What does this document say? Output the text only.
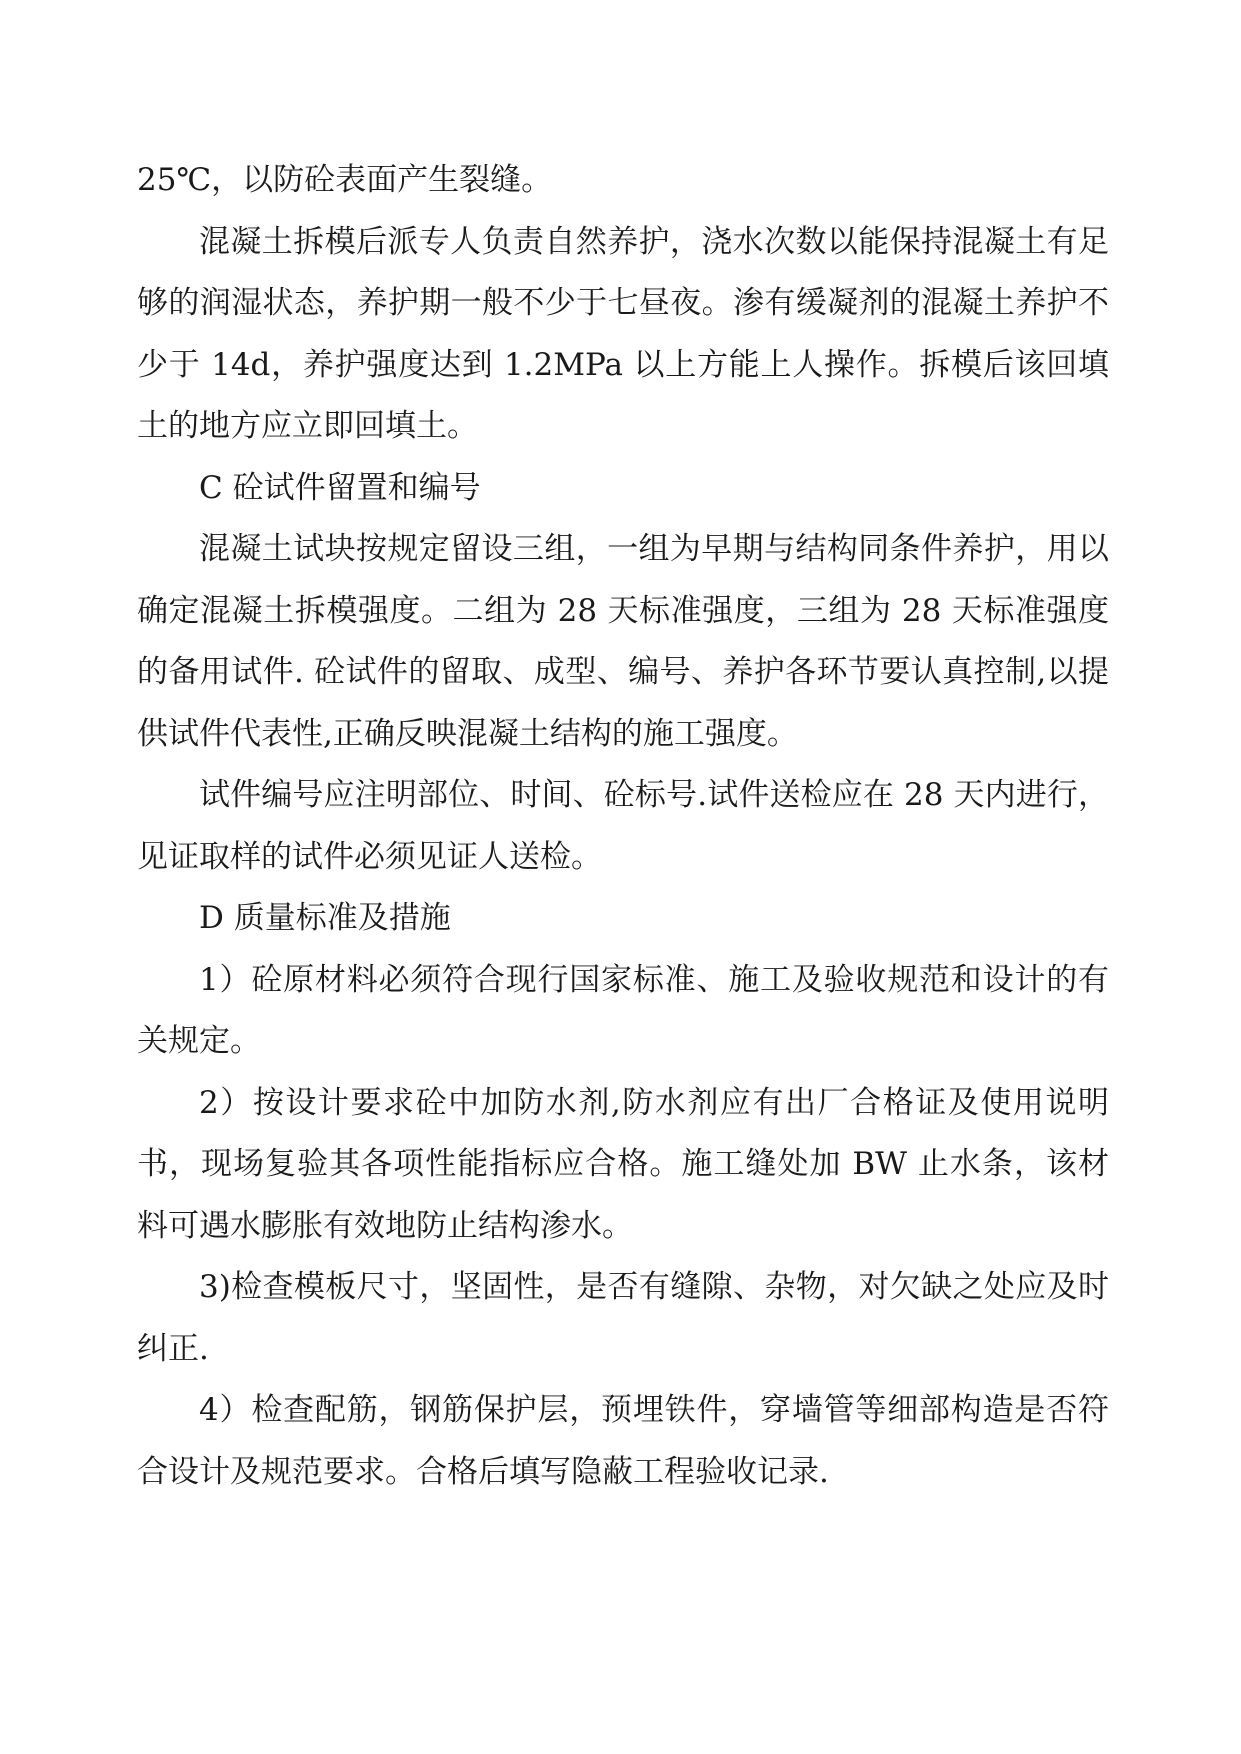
25℃，以防砼表面产生裂缝。

混凝土拆模后派专人负责自然养护，浇水次数以能保持混凝土有足够的润湿状态，养护期一般不少于七昼夜。渗有缓凝剂的混凝土养护不少于 14d，养护强度达到 1.2MPa 以上方能上人操作。拆模后该回填土的地方应立即回填土。

C 砼试件留置和编号

混凝土试块按规定留设三组，一组为早期与结构同条件养护，用以确定混凝土拆模强度。二组为 28 天标准强度，三组为 28 天标准强度的备用试件. 砼试件的留取、成型、编号、养护各环节要认真控制,以提供试件代表性,正确反映混凝土结构的施工强度。

试件编号应注明部位、时间、砼标号.试件送检应在 28 天内进行，见证取样的试件必须见证人送检。

D 质量标准及措施

1）砼原材料必须符合现行国家标准、施工及验收规范和设计的有关规定。

2）按设计要求砼中加防水剂,防水剂应有出厂合格证及使用说明书，现场复验其各项性能指标应合格。施工缝处加 BW 止水条，该材料可遇水膨胀有效地防止结构渗水。

3)检查模板尺寸，坚固性，是否有缝隙、杂物，对欠缺之处应及时纠正.

4）检查配筋，钢筋保护层，预埋铁件，穿墙管等细部构造是否符合设计及规范要求。合格后填写隐蔽工程验收记录.
